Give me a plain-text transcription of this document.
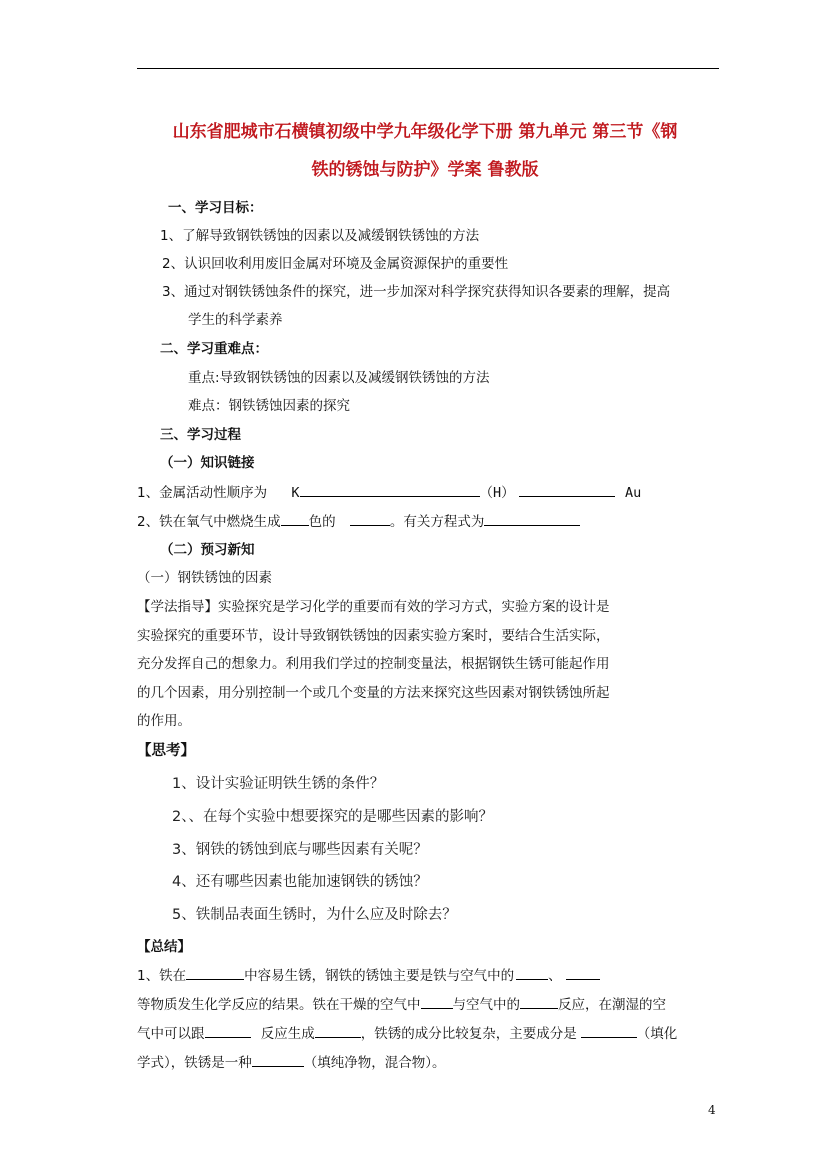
山东省肥城市石横镇初级中学九年级化学下册 第九单元 第三节《钢
铁的锈蚀与防护》学案 鲁教版
一、学习目标：
1、了解导致钢铁锈蚀的因素以及减缓钢铁锈蚀的方法
2、认识回收利用废旧金属对环境及金属资源保护的重要性
3、通过对钢铁锈蚀条件的探究，进一步加深对科学探究获得知识各要素的理解，提高
学生的科学素养
二、学习重难点：
重点:导致钢铁锈蚀的因素以及减缓钢铁锈蚀的方法
难点：钢铁锈蚀因素的探究
三、学习过程
（一）知识链接
1、金属活动性顺序为 K	（H）	Au
2、铁在氧气中燃烧生成 色的	。有关方程式为
（二）预习新知
（一）钢铁锈蚀的因素
【学法指导】实验探究是学习化学的重要而有效的学习方式，实验方案的设计是
实验探究的重要环节，设计导致钢铁锈蚀的因素实验方案时，要结合生活实际，
充分发挥自己的想象力。利用我们学过的控制变量法，根据钢铁生锈可能起作用
的几个因素，用分别控制一个或几个变量的方法来探究这些因素对钢铁锈蚀所起
的作用。
【思考】
1、设计实验证明铁生锈的条件？
2、、在每个实验中想要探究的是哪些因素的影响？
3、钢铁的锈蚀到底与哪些因素有关呢？
4、还有哪些因素也能加速钢铁的锈蚀？
5、铁制品表面生锈时，为什么应及时除去？
【总结】
1、铁在	中容易生锈，钢铁的锈蚀主要是铁与空气中的	、
等物质发生化学反应的结果。铁在干燥的空气中 与空气中的	反应，在潮湿的空
气中可以跟	反应生成	，铁锈的成分比较复杂，主要成分是	（填化
学式），铁锈是一种	（填纯净物，混合物）。
4
